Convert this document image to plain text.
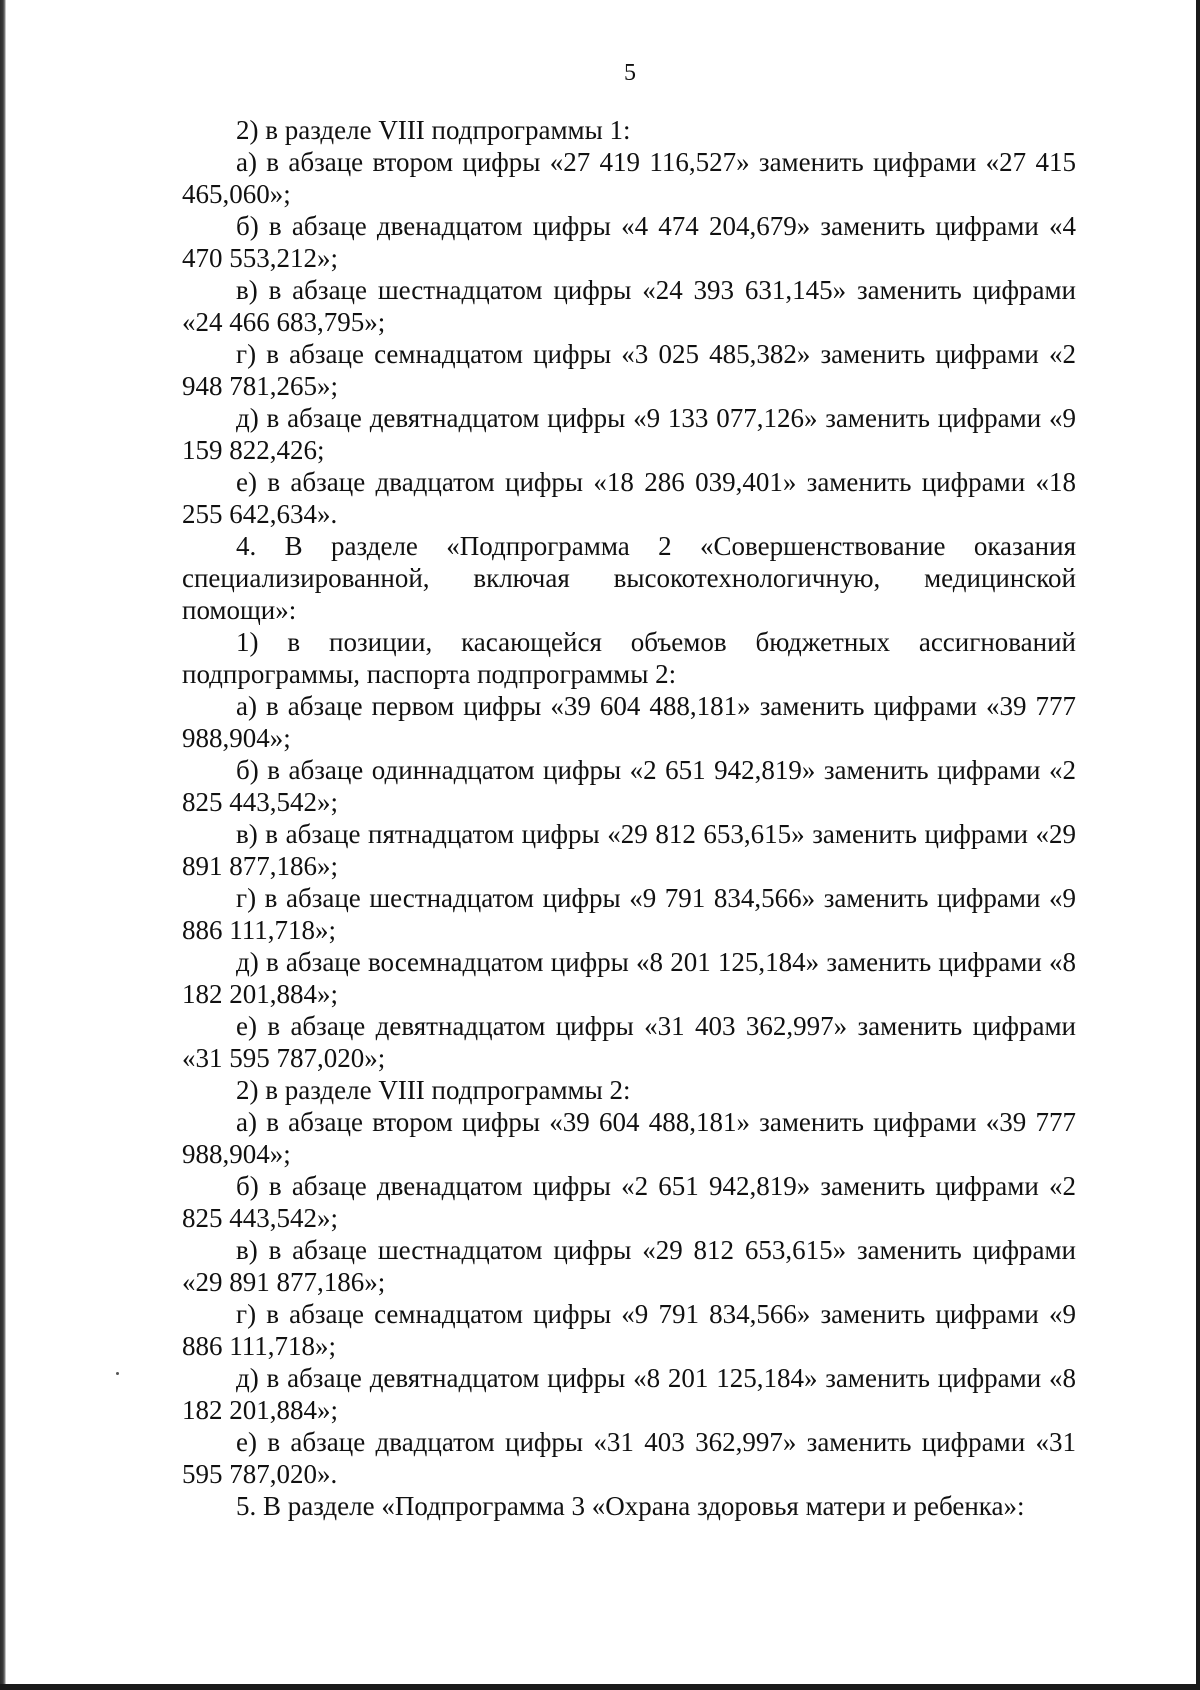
5

2) в разделе VIII подпрограммы 1:

а) в абзаце втором цифры «27 419 116,527» заменить цифрами «27 415 465,060»;

б) в абзаце двенадцатом цифры «4 474 204,679» заменить цифрами «4 470 553,212»;

в) в абзаце шестнадцатом цифры «24 393 631,145» заменить цифрами «24 466 683,795»;

г) в абзаце семнадцатом цифры «3 025 485,382» заменить цифрами «2 948 781,265»;

д) в абзаце девятнадцатом цифры «9 133 077,126» заменить цифрами «9 159 822,426;

е) в абзаце двадцатом цифры «18 286 039,401» заменить цифрами «18 255 642,634».

4. В разделе «Подпрограмма 2 «Совершенствование оказания специализированной, включая высокотехнологичную, медицинской помощи»:

1) в позиции, касающейся объемов бюджетных ассигнований подпрограммы, паспорта подпрограммы 2:

а) в абзаце первом цифры «39 604 488,181» заменить цифрами «39 777 988,904»;

б) в абзаце одиннадцатом цифры «2 651 942,819» заменить цифрами «2 825 443,542»;

в) в абзаце пятнадцатом цифры «29 812 653,615» заменить цифрами «29 891 877,186»;

г) в абзаце шестнадцатом цифры «9 791 834,566» заменить цифрами «9 886 111,718»;

д) в абзаце восемнадцатом цифры «8 201 125,184» заменить цифрами «8 182 201,884»;

е) в абзаце девятнадцатом цифры «31 403 362,997» заменить цифрами «31 595 787,020»;

2) в разделе VIII подпрограммы 2:

а) в абзаце втором цифры «39 604 488,181» заменить цифрами «39 777 988,904»;

б) в абзаце двенадцатом цифры «2 651 942,819» заменить цифрами «2 825 443,542»;

в) в абзаце шестнадцатом цифры «29 812 653,615» заменить цифрами «29 891 877,186»;

г) в абзаце семнадцатом цифры «9 791 834,566» заменить цифрами «9 886 111,718»;

д) в абзаце девятнадцатом цифры «8 201 125,184» заменить цифрами «8 182 201,884»;

е) в абзаце двадцатом цифры «31 403 362,997» заменить цифрами «31 595 787,020».

5. В разделе «Подпрограмма 3 «Охрана здоровья матери и ребенка»:
